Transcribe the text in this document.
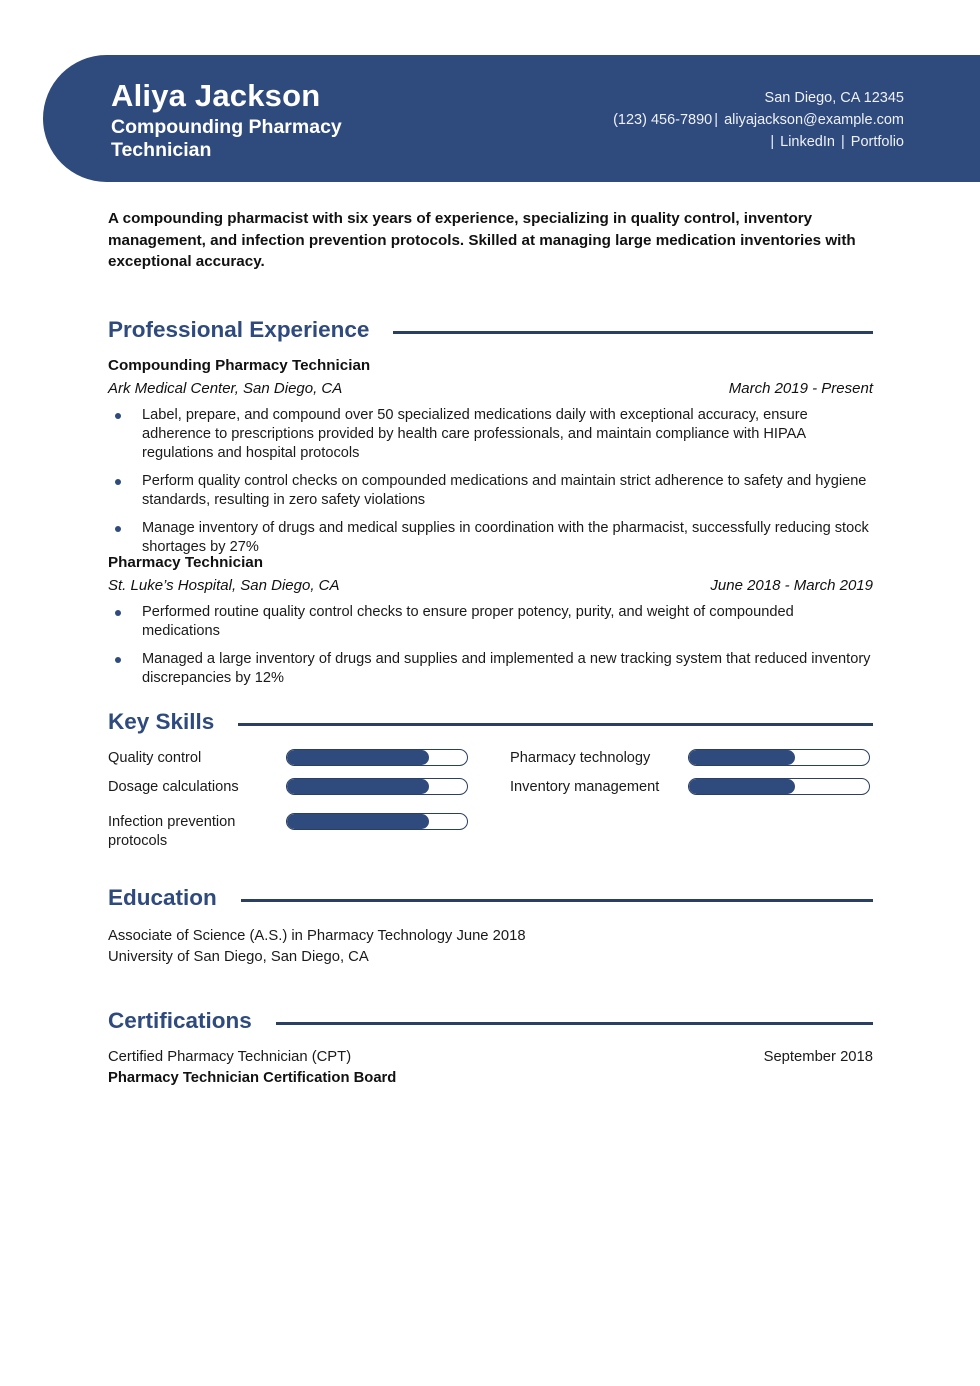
Aliya Jackson
Compounding Pharmacy Technician
San Diego, CA 12345
(123) 456-7890 | aliyajackson@example.com
| LinkedIn | Portfolio
A compounding pharmacist with six years of experience, specializing in quality control, inventory management, and infection prevention protocols. Skilled at managing large medication inventories with exceptional accuracy.
Professional Experience
Compounding Pharmacy Technician
Ark Medical Center, San Diego, CA	March 2019 - Present
Label, prepare, and compound over 50 specialized medications daily with exceptional accuracy, ensure adherence to prescriptions provided by health care professionals, and maintain compliance with HIPAA regulations and hospital protocols
Perform quality control checks on compounded medications and maintain strict adherence to safety and hygiene standards, resulting in zero safety violations
Manage inventory of drugs and medical supplies in coordination with the pharmacist, successfully reducing stock shortages by 27%
Pharmacy Technician
St. Luke’s Hospital, San Diego, CA	June 2018 - March 2019
Performed routine quality control checks to ensure proper potency, purity, and weight of compounded medications
Managed a large inventory of drugs and supplies and implemented a new tracking system that reduced inventory discrepancies by 12%
Key Skills
Quality control
Dosage calculations
Infection prevention protocols
Pharmacy technology
Inventory management
Education
Associate of Science (A.S.) in Pharmacy Technology June 2018
University of San Diego, San Diego, CA
Certifications
Certified Pharmacy Technician (CPT)	September 2018
Pharmacy Technician Certification Board
